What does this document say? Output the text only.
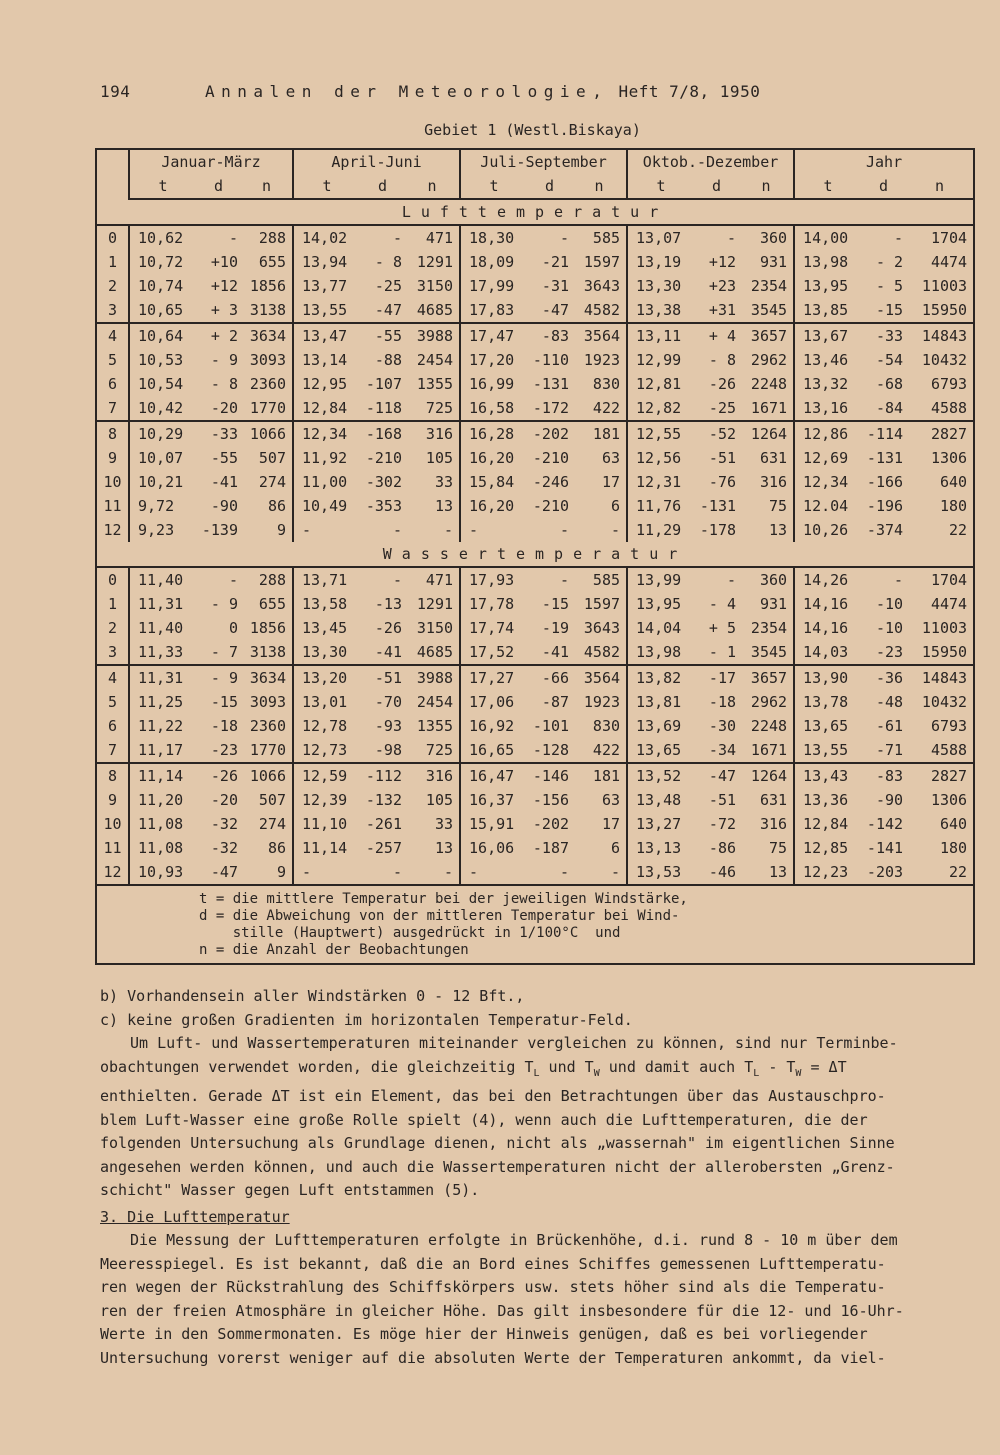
194	Annalen der Meteorologie, Heft 7/8, 1950
Gebiet 1 (Westl.Biskaya)
	Januar-März			April-Juni			Juli-September			Oktob.-Dezember			Jahr		
	t	d	n	t	d	n	t	d	n	t	d	n	t	d	n
Lufttemperatur															
0	10,62	-	288	14,02	-	471	18,30	-	585	13,07	-	360	14,00	-	1704
1	10,72	+10	655	13,94	- 8	1291	18,09	-21	1597	13,19	+12	931	13,98	- 2	4474
2	10,74	+12	1856	13,77	-25	3150	17,99	-31	3643	13,30	+23	2354	13,95	- 5	11003
3	10,65	+ 3	3138	13,55	-47	4685	17,83	-47	4582	13,38	+31	3545	13,85	-15	15950
4	10,64	+ 2	3634	13,47	-55	3988	17,47	-83	3564	13,11	+ 4	3657	13,67	-33	14843
5	10,53	- 9	3093	13,14	-88	2454	17,20	-110	1923	12,99	- 8	2962	13,46	-54	10432
6	10,54	- 8	2360	12,95	-107	1355	16,99	-131	830	12,81	-26	2248	13,32	-68	6793
7	10,42	-20	1770	12,84	-118	725	16,58	-172	422	12,82	-25	1671	13,16	-84	4588
8	10,29	-33	1066	12,34	-168	316	16,28	-202	181	12,55	-52	1264	12,86	-114	2827
9	10,07	-55	507	11,92	-210	105	16,20	-210	63	12,56	-51	631	12,69	-131	1306
10	10,21	-41	274	11,00	-302	33	15,84	-246	17	12,31	-76	316	12,34	-166	640
11	9,72	-90	86	10,49	-353	13	16,20	-210	6	11,76	-131	75	12.04	-196	180
12	9,23	-139	9	-	-	-	-	-	-	11,29	-178	13	10,26	-374	22
Wassertemperatur															
0	11,40	-	288	13,71	-	471	17,93	-	585	13,99	-	360	14,26	-	1704
1	11,31	- 9	655	13,58	-13	1291	17,78	-15	1597	13,95	- 4	931	14,16	-10	4474
2	11,40	0	1856	13,45	-26	3150	17,74	-19	3643	14,04	+ 5	2354	14,16	-10	11003
3	11,33	- 7	3138	13,30	-41	4685	17,52	-41	4582	13,98	- 1	3545	14,03	-23	15950
4	11,31	- 9	3634	13,20	-51	3988	17,27	-66	3564	13,82	-17	3657	13,90	-36	14843
5	11,25	-15	3093	13,01	-70	2454	17,06	-87	1923	13,81	-18	2962	13,78	-48	10432
6	11,22	-18	2360	12,78	-93	1355	16,92	-101	830	13,69	-30	2248	13,65	-61	6793
7	11,17	-23	1770	12,73	-98	725	16,65	-128	422	13,65	-34	1671	13,55	-71	4588
8	11,14	-26	1066	12,59	-112	316	16,47	-146	181	13,52	-47	1264	13,43	-83	2827
9	11,20	-20	507	12,39	-132	105	16,37	-156	63	13,48	-51	631	13,36	-90	1306
10	11,08	-32	274	11,10	-261	33	15,91	-202	17	13,27	-72	316	12,84	-142	640
11	11,08	-32	86	11,14	-257	13	16,06	-187	6	13,13	-86	75	12,85	-141	180
12	10,93	-47	9	-	-	-	-	-	-	13,53	-46	13	12,23	-203	22

t = die mittlere Temperatur bei der jeweiligen Windstärke,
d = die Abweichung von der mittleren Temperatur bei Wind-
stille (Hauptwert) ausgedrückt in 1/100°C  und
n = die Anzahl der Beobachtungen															
b) Vorhandensein aller Windstärken 0 - 12 Bft.,
c) keine großen Gradienten im horizontalen Temperatur-Feld.
Um Luft- und Wassertemperaturen miteinander vergleichen zu können, sind nur Terminbe-
obachtungen verwendet worden, die gleichzeitig $T_L$ und $T_W$ und damit auch $T_L - T_W = \Delta T$
enthielten. Gerade ΔT ist ein Element, das bei den Betrachtungen über das Austauschpro-
blem Luft-Wasser eine große Rolle spielt (4), wenn auch die Lufttemperaturen, die der
folgenden Untersuchung als Grundlage dienen, nicht als „wassernah" im eigentlichen Sinne
angesehen werden können, und auch die Wassertemperaturen nicht der allerobersten „Grenz-
schicht" Wasser gegen Luft entstammen (5).
3. Die Lufttemperatur
Die Messung der Lufttemperaturen erfolgte in Brückenhöhe, d.i. rund 8 - 10 m über dem
Meeresspiegel. Es ist bekannt, daß die an Bord eines Schiffes gemessenen Lufttemperatu-
ren wegen der Rückstrahlung des Schiffskörpers usw. stets höher sind als die Temperatu-
ren der freien Atmosphäre in gleicher Höhe. Das gilt insbesondere für die 12- und 16-Uhr-
Werte in den Sommermonaten. Es möge hier der Hinweis genügen, daß es bei vorliegender
Untersuchung vorerst weniger auf die absoluten Werte der Temperaturen ankommt, da viel-
